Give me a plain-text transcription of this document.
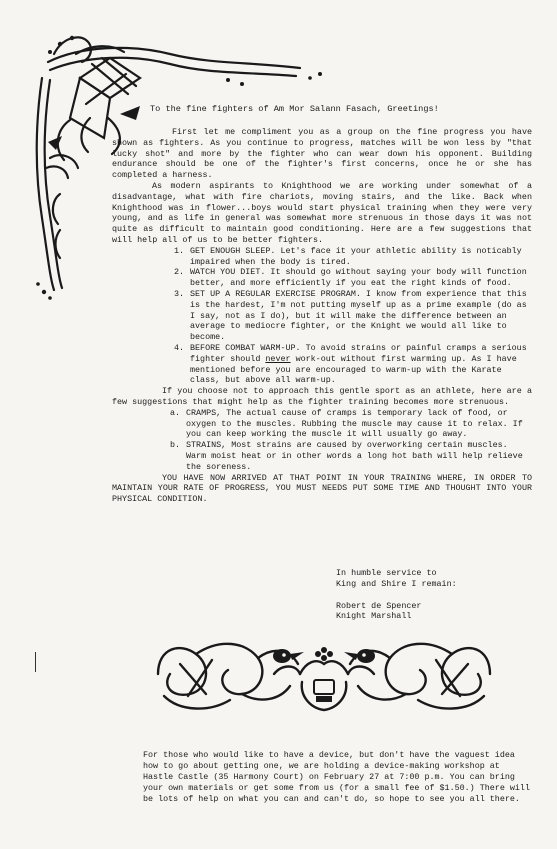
To the fine fighters of Am Mor Salann Fasach, Greetings!

First let me compliment you as a group on the fine progress you have shown as fighters. As you continue to progress, matches will be won less by "that lucky shot" and more by the fighter who can wear down his opponent. Building endurance should be one of the fighter's first concerns, once he or she has completed a harness.

As modern aspirants to Knighthood we are working under somewhat of a disadvantage, what with fire chariots, moving stairs, and the like. Back when Knighthood was in flower...boys would start physical training when they were very young, and as life in general was somewhat more strenuous in those days it was not quite as difficult to maintain good conditioning. Here are a few suggestions that will help all of us to be better fighters.

1. GET ENOUGH SLEEP. Let's face it your athletic ability is noticably impaired when the body is tired.
2. WATCH YOU DIET. It should go without saying your body will function better, and more efficiently if you eat the right kinds of food.
3. SET UP A REGULAR EXERCISE PROGRAM. I know from experience that this is the hardest, I'm not putting myself up as a prime example (do as I say, not as I do), but it will make the difference between an average to mediocre fighter, or the Knight we would all like to become.
4. BEFORE COMBAT WARM-UP. To avoid strains or painful cramps a serious fighter should never work-out without first warming up. As I have mentioned before you are encouraged to warm-up with the Karate class, but above all warm-up.

If you choose not to approach this gentle sport as an athlete, here are a few suggestions that might help as the fighter training becomes more strenuous.

a. CRAMPS, The actual cause of cramps is temporary lack of food, or oxygen to the muscles. Rubbing the muscle may cause it to relax. If you can keep working the muscle it will usually go away.
b. STRAINS, Most strains are caused by overworking certain muscles. Warm moist heat or in other words a long hot bath will help relieve the soreness.

YOU HAVE NOW ARRIVED AT THAT POINT IN YOUR TRAINING WHERE, IN ORDER TO MAINTAIN YOUR RATE OF PROGRESS, YOU MUST NEEDS PUT SOME TIME AND THOUGHT INTO YOUR PHYSICAL CONDITION.

In humble service to
King and Shire I remain:
Robert de Spencer
Knight Marshall

For those who would like to have a device, but don't have the vaguest idea how to go about getting one, we are holding a device-making workshop at Hastle Castle (35 Harmony Court) on February 27 at 7:00 p.m. You can bring your own materials or get some from us (for a small fee of $1.50.) There will be lots of help on what you can and can't do, so hope to see you all there.
